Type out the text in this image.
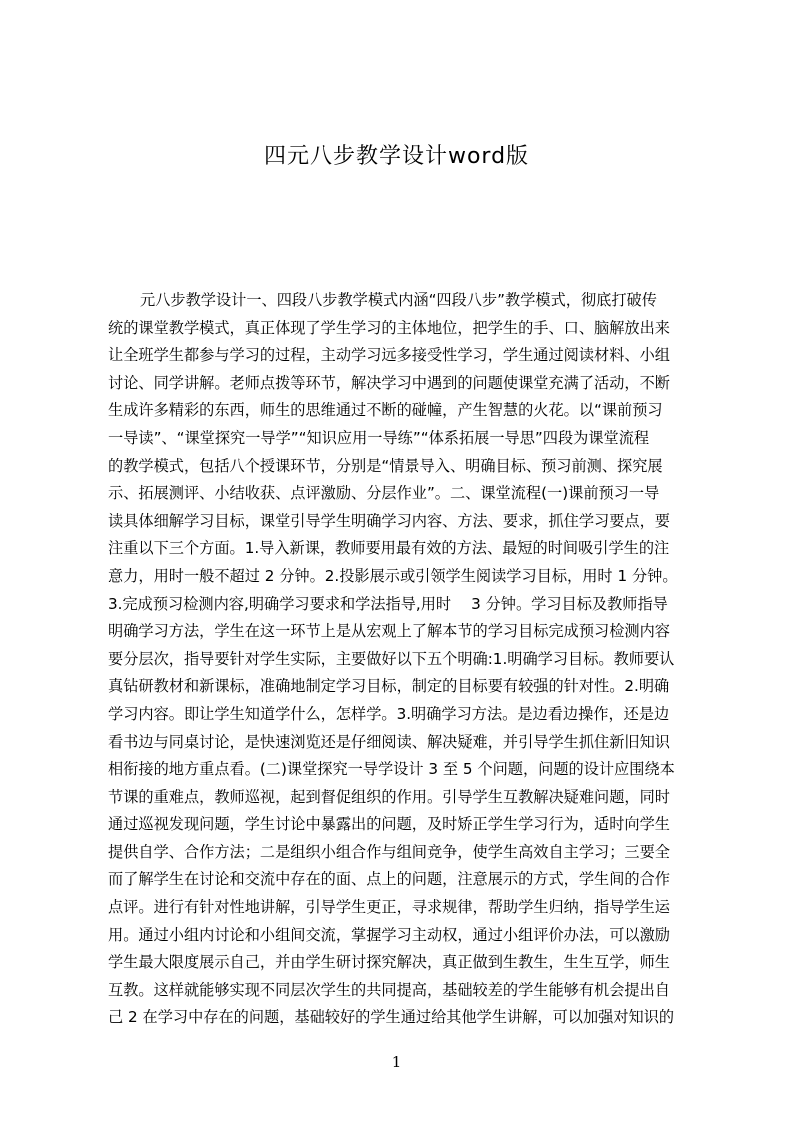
四元八步教学设计word版
元八步教学设计一、四段八步教学模式内涵“四段八步”教学模式，彻底打破传
统的课堂教学模式，真正体现了学生学习的主体地位，把学生的手、口、脑解放出来
让全班学生都参与学习的过程，主动学习远多接受性学习，学生通过阅读材料、小组
讨论、同学讲解。老师点拨等环节，解决学习中遇到的问题使课堂充满了活动，不断
生成许多精彩的东西，师生的思维通过不断的碰幢，产生智慧的火花。以“课前预习
一导读”、“课堂探究一导学”“知识应用一导练”“体系拓展一导思”四段为课堂流程
的教学模式，包括八个授课环节，分别是“情景导入、明确目标、预习前测、探究展
示、拓展测评、小结收获、点评激励、分层作业”。二、课堂流程(一)课前预习一导
读具体细解学习目标，课堂引导学生明确学习内容、方法、要求，抓住学习要点，要
注重以下三个方面。1.导入新课，教师要用最有效的方法、最短的时间吸引学生的注
意力，用时一般不超过 2 分钟。2.投影展示或引领学生阅读学习目标，用时 1 分钟。
3.完成预习检测内容,明确学习要求和学法指导,用时　 3 分钟。学习目标及教师指导
明确学习方法，学生在这一环节上是从宏观上了解本节的学习目标完成预习检测内容
要分层次，指导要针对学生实际，主要做好以下五个明确:1.明确学习目标。教师要认
真钻研教材和新课标，准确地制定学习目标，制定的目标要有较强的针对性。2.明确
学习内容。即让学生知道学什么，怎样学。3.明确学习方法。是边看边操作，还是边
看书边与同桌讨论，是快速浏览还是仔细阅读、解决疑难，并引导学生抓住新旧知识
相衔接的地方重点看。(二)课堂探究一导学设计 3 至 5 个问题，问题的设计应围绕本
节课的重难点，教师巡视，起到督促组织的作用。引导学生互教解决疑难问题，同时
通过巡视发现问题，学生讨论中暴露出的问题，及时矫正学生学习行为，适时向学生
提供自学、合作方法；二是组织小组合作与组间竞争，使学生高效自主学习；三要全
而了解学生在讨论和交流中存在的面、点上的问题，注意展示的方式，学生间的合作
点评。进行有针对性地讲解，引导学生更正，寻求规律，帮助学生归纳，指导学生运
用。通过小组内讨论和小组间交流，掌握学习主动权，通过小组评价办法，可以激励
学生最大限度展示自己，并由学生研讨探究解决，真正做到生教生，生生互学，师生
互教。这样就能够实现不同层次学生的共同提高，基础较差的学生能够有机会提出自
己 2 在学习中存在的问题，基础较好的学生通过给其他学生讲解，可以加强对知识的
1
